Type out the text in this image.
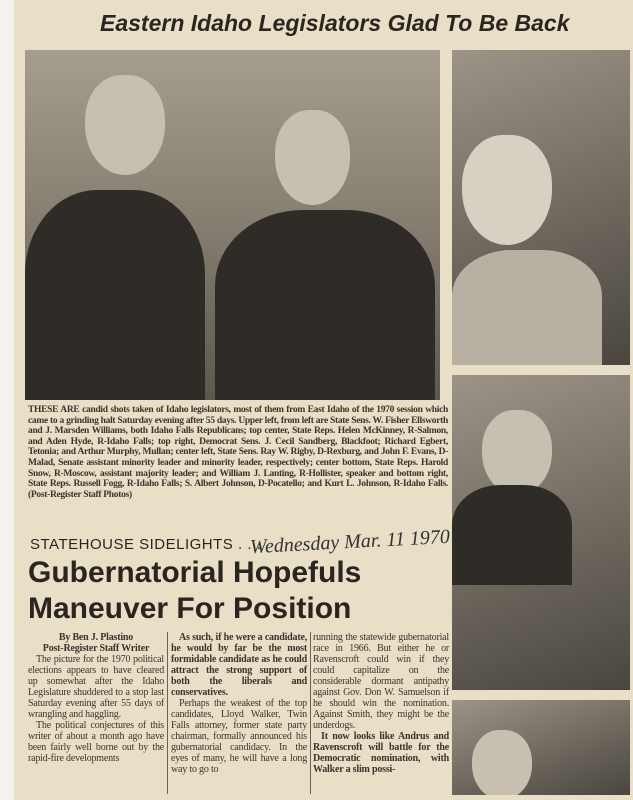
Eastern Idaho Legislators Glad To Be Back
THESE ARE candid shots taken of Idaho legislators, most of them from East Idaho of the 1970 session which came to a grinding halt Saturday evening after 55 days. Upper left, from left are State Sens. W. Fisher Ellsworth and J. Marsden Williams, both Idaho Falls Republicans; top center, State Reps. Helen McKinney, R-Salmon, and Aden Hyde, R-Idaho Falls; top right, Democrat Sens. J. Cecil Sandberg, Blackfoot; Richard Egbert, Tetonia; and Arthur Murphy, Mullan; center left, State Sens. Ray W. Rigby, D-Rexburg, and John F. Evans, D-Malad, Senate assistant minority leader and minority leader, respectively; center bottom, State Reps. Harold Snow, R-Moscow, assistant majority leader; and William J. Lanting, R-Hollister, speaker and bottom right, State Reps. Russell Fogg, R-Idaho Falls; S. Albert Johnson, D-Pocatello; and Kurt L. Johnson, R-Idaho Falls. (Post-Register Staff Photos)
STATEHOUSE SIDELIGHTS . . .
Wednesday Mar. 11 1970
Gubernatorial Hopefuls
Maneuver For Position

By Ben J. Plastino

Post-Register Staff Writer

The picture for the 1970 political elections appears to have cleared up somewhat after the Idaho Legislature shuddered to a stop last Saturday evening after 55 days of wrangling and haggling.

The political conjectures of this writer of about a month ago have been fairly well borne out by the rapid-fire developments

As such, if he were a candidate, he would by far be the most formidable candidate as he could attract the strong support of both the liberals and conservatives.

Perhaps the weakest of the top candidates, Lloyd Walker, Twin Falls attorney, former state party chairman, formally announced his gubernatorial candidacy. In the eyes of many, he will have a long way to go to

running the statewide gubernatorial race in 1966. But either he or Ravenscroft could win if they could capitalize on the considerable dormant antipathy against Gov. Don W. Samuelson if he should win the nomination. Against Smith, they might be the underdogs.

It now looks like Andrus and Ravenscroft will battle for the Democratic nomination, with Walker a slim possi-
